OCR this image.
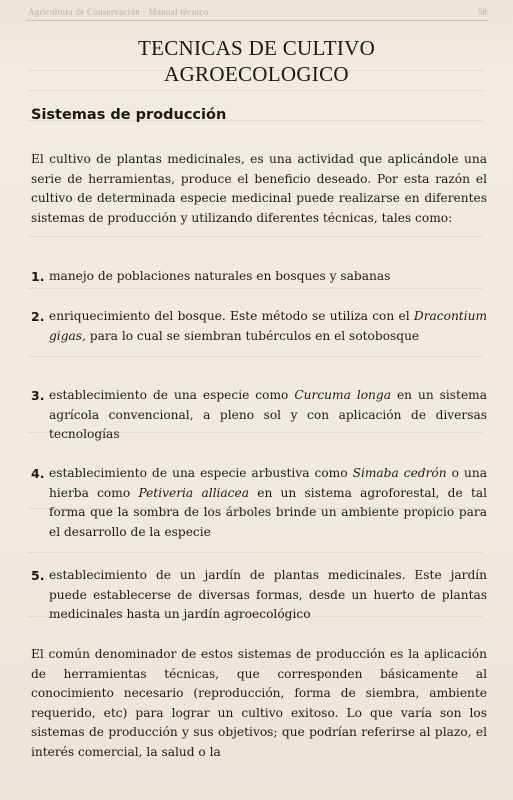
Agricultura de Conservación · Manual técnico	58
TECNICAS DE CULTIVO
AGROECOLOGICO
Sistemas de producción
El cultivo de plantas medicinales, es una actividad que aplicándole una serie de herramientas, produce el beneficio deseado. Por esta razón el cultivo de determinada especie medicinal puede realizarse en diferentes sistemas de producción y utilizando diferentes técnicas, tales como:
1. manejo de poblaciones naturales en bosques y sabanas
2. enriquecimiento del bosque. Este método se utiliza con el Dracontium gigas, para lo cual se siembran tubérculos en el sotobosque
3. establecimiento de una especie como Curcuma longa en un sistema agrícola convencional, a pleno sol y con aplicación de diversas tecnologías
4. establecimiento de una especie arbustiva como Simaba cedrón o una hierba como Petiveria alliacea en un sistema agroforestal, de tal forma que la sombra de los árboles brinde un ambiente propicio para el desarrollo de la especie
5. establecimiento de un jardín de plantas medicinales. Este jardín puede establecerse de diversas formas, desde un huerto de plantas medicinales hasta un jardín agroecológico
El común denominador de estos sistemas de producción es la aplicación de herramientas técnicas, que corresponden básicamente al conocimiento necesario (reproducción, forma de siembra, ambiente requerido, etc) para lograr un cultivo exitoso. Lo que varía son los sistemas de producción y sus objetivos; que podrían referirse al plazo, el interés comercial, la salud o la
